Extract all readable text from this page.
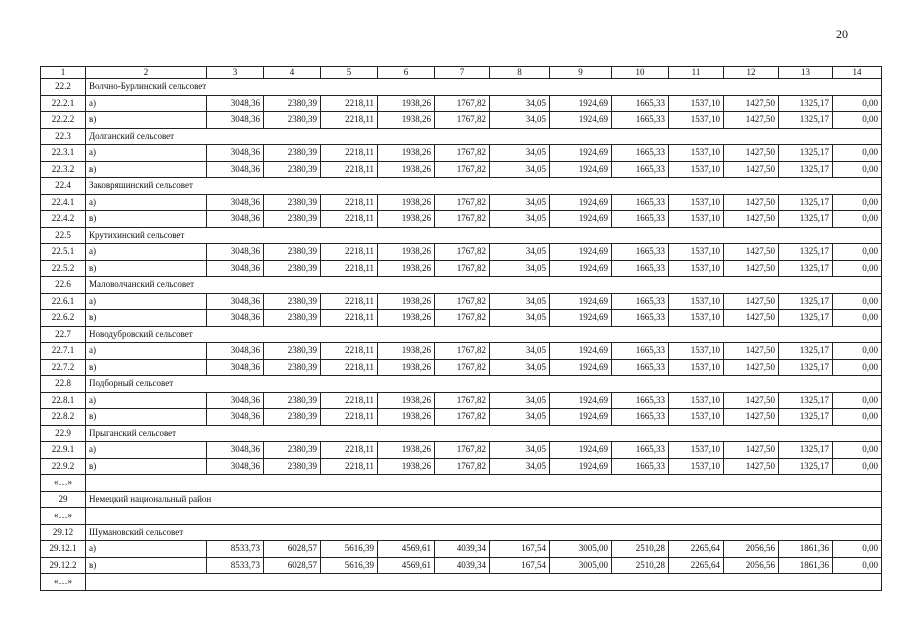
20
1	2	3	4	5	6	7	8	9	10	11	12	13	14
22.2	Волчно-Бурлинский сельсовет												
22.2.1	а)	3048,36	2380,39	2218,11	1938,26	1767,82	34,05	1924,69	1665,33	1537,10	1427,50	1325,17	0,00
22.2.2	в)	3048,36	2380,39	2218,11	1938,26	1767,82	34,05	1924,69	1665,33	1537,10	1427,50	1325,17	0,00
22.3	Долганский сельсовет												
22.3.1	а)	3048,36	2380,39	2218,11	1938,26	1767,82	34,05	1924,69	1665,33	1537,10	1427,50	1325,17	0,00
22.3.2	в)	3048,36	2380,39	2218,11	1938,26	1767,82	34,05	1924,69	1665,33	1537,10	1427,50	1325,17	0,00
22.4	Заковряшинский сельсовет												
22.4.1	а)	3048,36	2380,39	2218,11	1938,26	1767,82	34,05	1924,69	1665,33	1537,10	1427,50	1325,17	0,00
22.4.2	в)	3048,36	2380,39	2218,11	1938,26	1767,82	34,05	1924,69	1665,33	1537,10	1427,50	1325,17	0,00
22.5	Крутихинский сельсовет												
22.5.1	а)	3048,36	2380,39	2218,11	1938,26	1767,82	34,05	1924,69	1665,33	1537,10	1427,50	1325,17	0,00
22.5.2	в)	3048,36	2380,39	2218,11	1938,26	1767,82	34,05	1924,69	1665,33	1537,10	1427,50	1325,17	0,00
22.6	Маловолчанский сельсовет												
22.6.1	а)	3048,36	2380,39	2218,11	1938,26	1767,82	34,05	1924,69	1665,33	1537,10	1427,50	1325,17	0,00
22.6.2	в)	3048,36	2380,39	2218,11	1938,26	1767,82	34,05	1924,69	1665,33	1537,10	1427,50	1325,17	0,00
22.7	Новодубровский сельсовет												
22.7.1	а)	3048,36	2380,39	2218,11	1938,26	1767,82	34,05	1924,69	1665,33	1537,10	1427,50	1325,17	0,00
22.7.2	в)	3048,36	2380,39	2218,11	1938,26	1767,82	34,05	1924,69	1665,33	1537,10	1427,50	1325,17	0,00
22.8	Подборный сельсовет												
22.8.1	а)	3048,36	2380,39	2218,11	1938,26	1767,82	34,05	1924,69	1665,33	1537,10	1427,50	1325,17	0,00
22.8.2	в)	3048,36	2380,39	2218,11	1938,26	1767,82	34,05	1924,69	1665,33	1537,10	1427,50	1325,17	0,00
22.9	Прыганский сельсовет												
22.9.1	а)	3048,36	2380,39	2218,11	1938,26	1767,82	34,05	1924,69	1665,33	1537,10	1427,50	1325,17	0,00
22.9.2	в)	3048,36	2380,39	2218,11	1938,26	1767,82	34,05	1924,69	1665,33	1537,10	1427,50	1325,17	0,00
«…»													
29	Немецкий национальный район												
«…»													
29.12	Шумановский сельсовет												
29.12.1	а)	8533,73	6028,57	5616,39	4569,61	4039,34	167,54	3005,00	2510,28	2265,64	2056,56	1861,36	0,00
29.12.2	в)	8533,73	6028,57	5616,39	4569,61	4039,34	167,54	3005,00	2510,28	2265,64	2056,56	1861,36	0,00
«…»													
